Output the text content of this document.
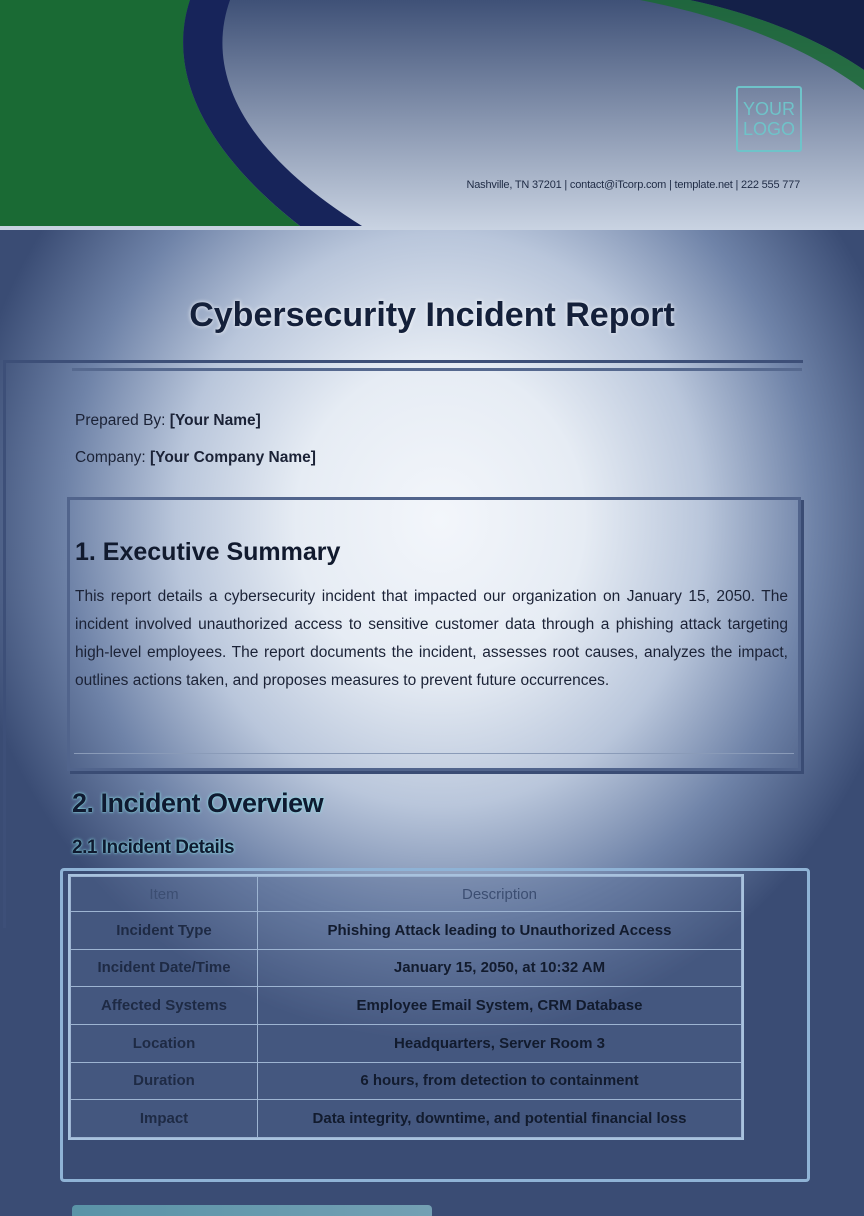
YOUR LOGO
Nashville, TN 37201 | contact@iTcorp.com | template.net | 222 555 777
Cybersecurity Incident Report
Prepared By: [Your Name]
Company: [Your Company Name]
1. Executive Summary
This report details a cybersecurity incident that impacted our organization on January 15, 2050. The incident involved unauthorized access to sensitive customer data through a phishing attack targeting high-level employees. The report documents the incident, assesses root causes, analyzes the impact, outlines actions taken, and proposes measures to prevent future occurrences.
2. Incident Overview
2.1 Incident Details
Item	Description
Incident Type	Phishing Attack leading to Unauthorized Access
Incident Date/Time	January 15, 2050, at 10:32 AM
Affected Systems	Employee Email System, CRM Database
Location	Headquarters, Server Room 3
Duration	6 hours, from detection to containment
Impact	Data integrity, downtime, and potential financial loss
